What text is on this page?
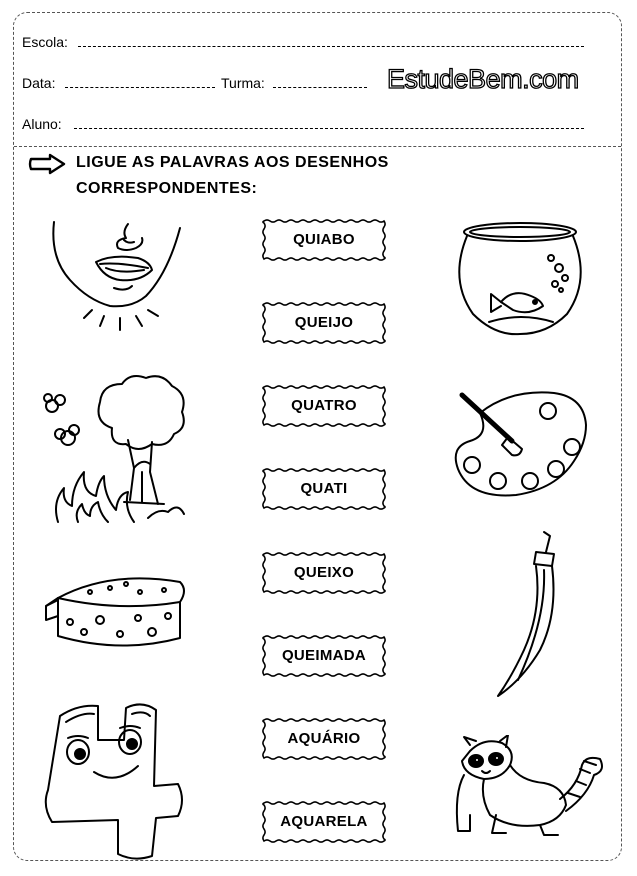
Escola:
Data:	Turma:	EstudeBem.com
Aluno:
LIGUE AS PALAVRAS AOS DESENHOS
CORRESPONDENTES:
QUIABO
QUEIJO
QUATRO
QUATI
QUEIXO
QUEIMADA
AQUÁRIO
AQUARELA
